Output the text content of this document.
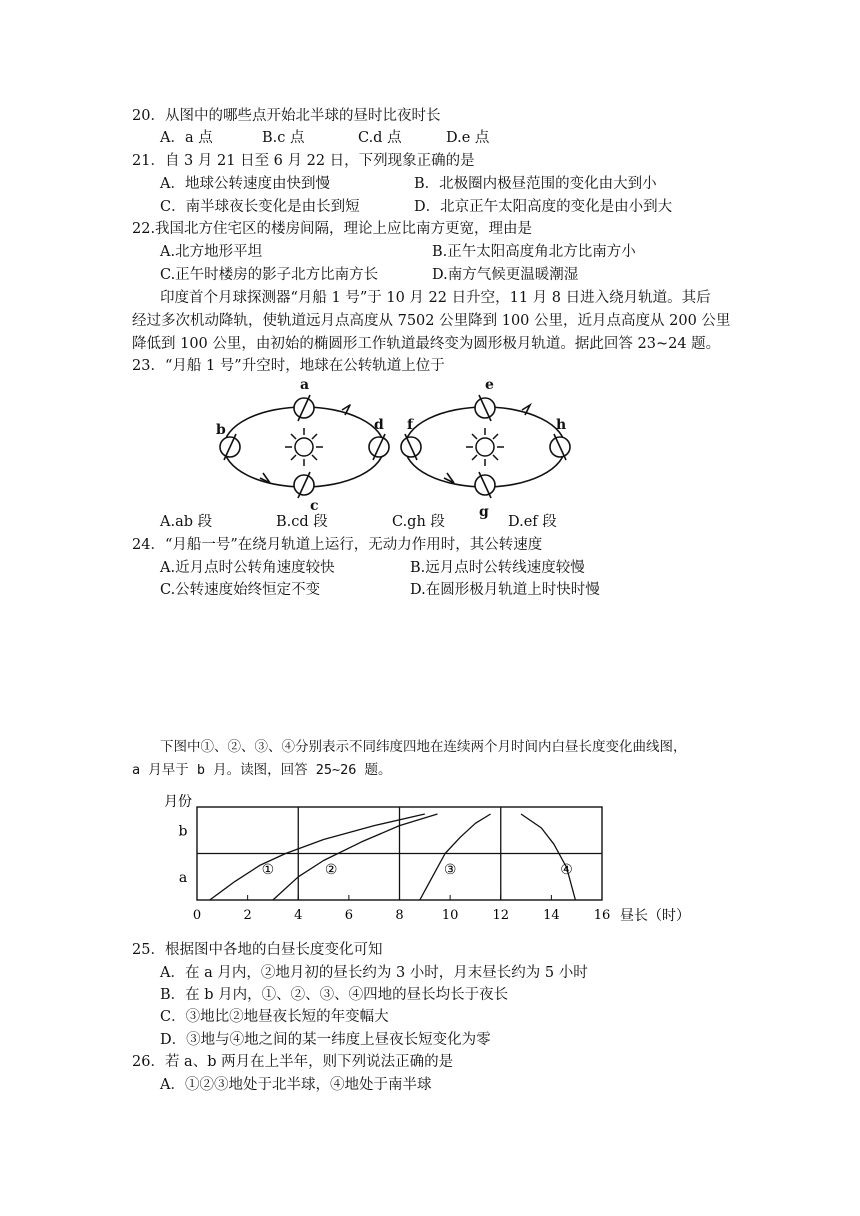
20．从图中的哪些点开始北半球的昼时比夜时长
A．a 点	B.c 点	C.d 点	D.e 点
21．自 3 月 21 日至 6 月 22 日，下列现象正确的是
A．地球公转速度由快到慢	B．北极圈内极昼范围的变化由大到小
C．南半球夜长变化是由长到短	D．北京正午太阳高度的变化是由小到大
22.我国北方住宅区的楼房间隔，理论上应比南方更宽，理由是
A.北方地形平坦	B.正午太阳高度角北方比南方小
C.正午时楼房的影子北方比南方长	D.南方气候更温暖潮湿
印度首个月球探测器“月船 1 号”于 10 月 22 日升空，11 月 8 日进入绕月轨道。其后
经过多次机动降轨，使轨道远月点高度从 7502 公里降到 100 公里，近月点高度从 200 公里
降低到 100 公里，由初始的椭圆形工作轨道最终变为圆形极月轨道。据此回答 23~24 题。
23．“月船 1 号”升空时，地球在公转轨道上位于
a
b
c
d
e
f
g
h
A.ab 段	B.cd 段	C.gh 段	D.ef 段
24．“月船一号”在绕月轨道上运行，无动力作用时，其公转速度
A.近月点时公转角速度较快	B.远月点时公转线速度较慢
C.公转速度始终恒定不变	D.在圆形极月轨道上时快时慢
下图中①、②、③、④分别表示不同纬度四地在连续两个月时间内白昼长度变化曲线图，
a 月早于 b 月。读图，回答 25~26 题。
月份
昼长（时）
0	2	4	6	8	10	12	14	16
a
b
①	②	③	④
25．根据图中各地的白昼长度变化可知
A．在 a 月内，②地月初的昼长约为 3 小时，月末昼长约为 5 小时
B．在 b 月内，①、②、③、④四地的昼长均长于夜长
C．③地比②地昼夜长短的年变幅大
D．③地与④地之间的某一纬度上昼夜长短变化为零
26．若 a、b 两月在上半年，则下列说法正确的是
A．①②③地处于北半球，④地处于南半球
